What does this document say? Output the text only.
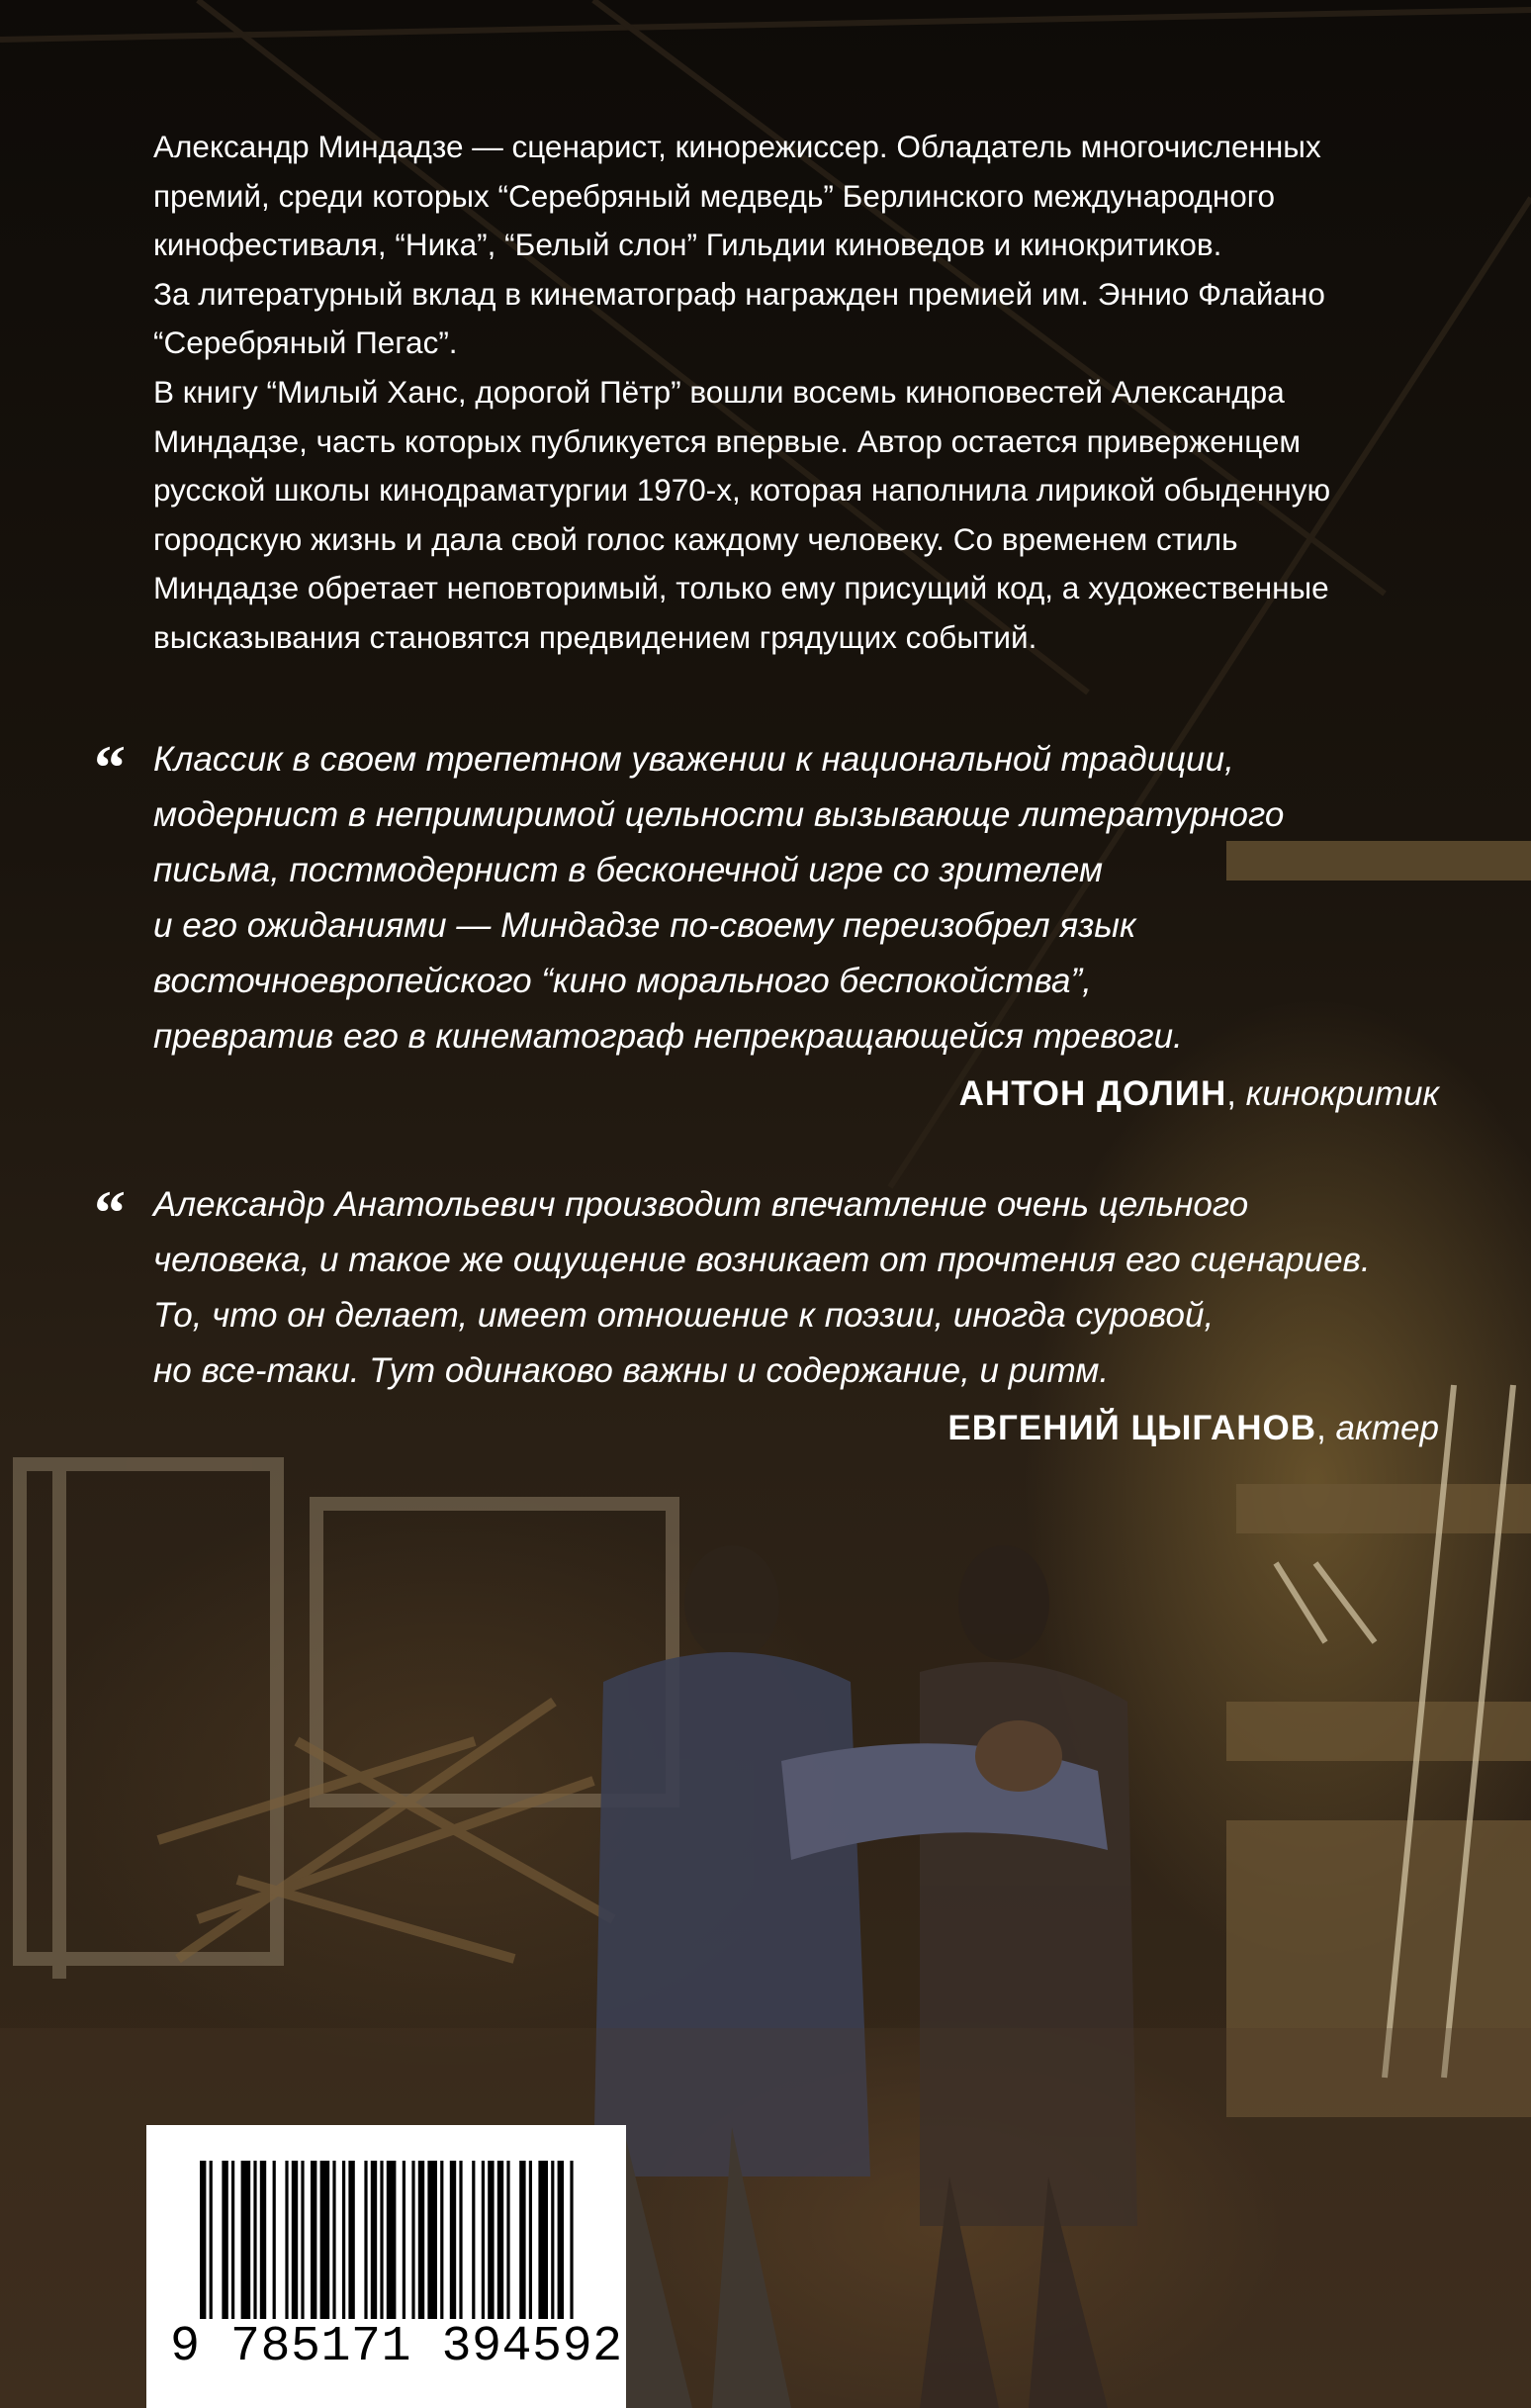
Александр Миндадзе — сценарист, кинорежиссер. Обладатель многочисленных
премий, среди которых “Серебряный медведь” Берлинского международного
кинофестиваля, “Ника”, “Белый слон” Гильдии киноведов и кинокритиков.
За литературный вклад в кинематограф награжден премией им. Эннио Флайано
“Серебряный Пегас”.

В книгу “Милый Ханс, дорогой Пётр” вошли восемь киноповестей Александра
Миндадзе, часть которых публикуется впервые. Автор остается приверженцем
русской школы кинодраматургии 1970-х, которая наполнила лирикой обыденную
городскую жизнь и дала свой голос каждому человеку. Со временем стиль
Миндадзе обретает неповторимый, только ему присущий код, а художественные
высказывания становятся предвидением грядущих событий.

“ Классик в своем трепетном уважении к национальной традиции,
модернист в непримиримой цельности вызывающе литературного
письма, постмодернист в бесконечной игре со зрителем
и его ожиданиями — Миндадзе по-своему переизобрел язык
восточноевропейского “кино морального беспокойства”,
превратив его в кинематограф непрекращающейся тревоги.
АНТОН ДОЛИН, кинокритик
“ Александр Анатольевич производит впечатление очень цельного
человека, и такое же ощущение возникает от прочтения его сценариев.
То, что он делает, имеет отношение к поэзии, иногда суровой,
но все-таки. Тут одинаково важны и содержание, и ритм.
ЕВГЕНИЙ ЦЫГАНОВ, актер
9 785171 394592
